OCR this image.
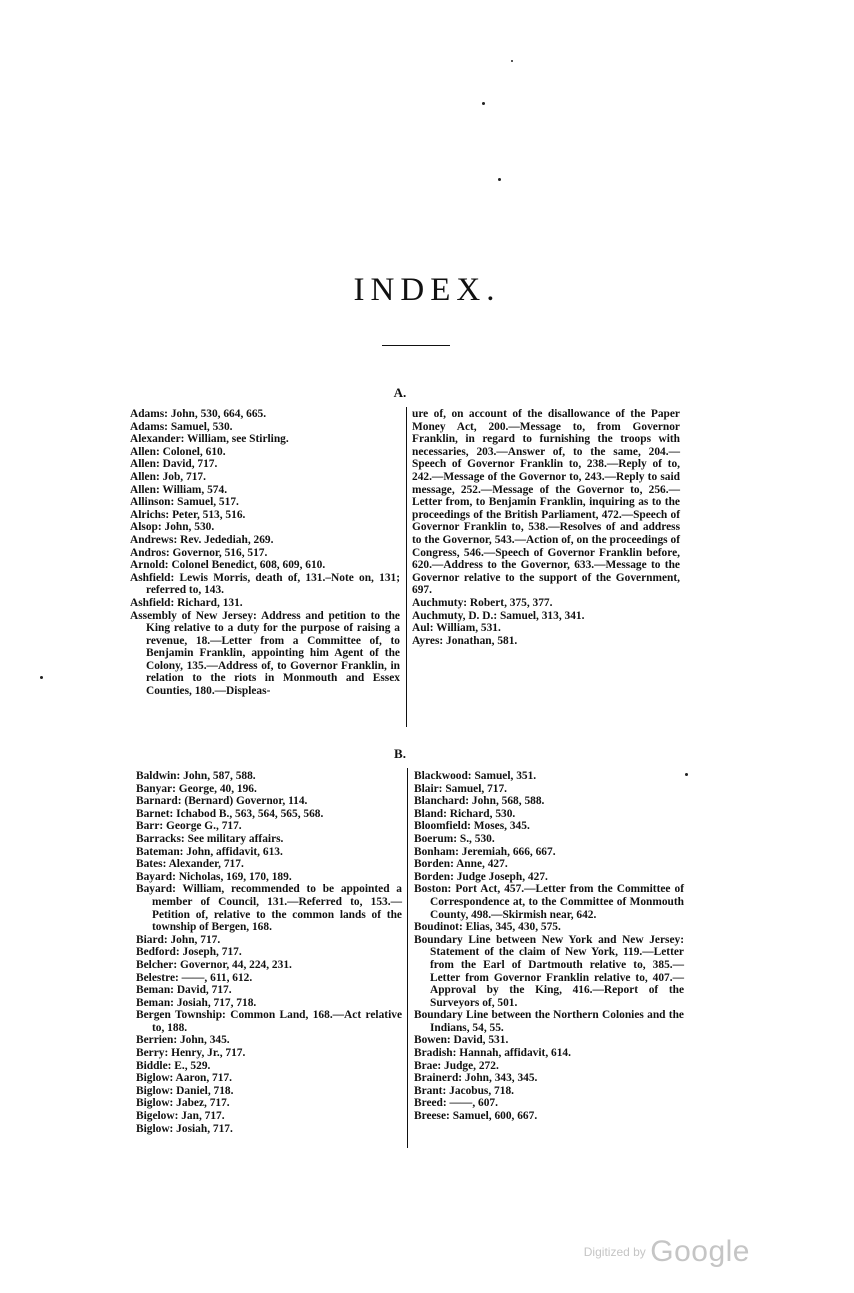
INDEX.
A.

Adams: John, 530, 664, 665.

Adams: Samuel, 530.

Alexander: William, see Stirling.

Allen: Colonel, 610.

Allen: David, 717.

Allen: Job, 717.

Allen: William, 574.

Allinson: Samuel, 517.

Alrichs: Peter, 513, 516.

Alsop: John, 530.

Andrews: Rev. Jedediah, 269.

Andros: Governor, 516, 517.

Arnold: Colonel Benedict, 608, 609, 610.

Ashfield: Lewis Morris, death of, 131.–Note on, 131; referred to, 143.

Ashfield: Richard, 131.

Assembly of New Jersey: Address and petition to the King relative to a duty for the purpose of raising a revenue, 18.—Letter from a Committee of, to Benjamin Franklin, appointing him Agent of the Colony, 135.—Address of, to Governor Franklin, in relation to the riots in Monmouth and Essex Counties, 180.—Displeas-

ure of, on account of the disallowance of the Paper Money Act, 200.—Message to, from Governor Franklin, in regard to furnishing the troops with necessaries, 203.—Answer of, to the same, 204.—Speech of Governor Franklin to, 238.—Reply of to, 242.—Message of the Governor to, 243.—Reply to said message, 252.—Message of the Governor to, 256.—Letter from, to Benjamin Franklin, inquiring as to the proceedings of the British Parliament, 472.—Speech of Governor Franklin to, 538.—Resolves of and address to the Governor, 543.—Action of, on the proceedings of Congress, 546.—Speech of Governor Franklin before, 620.—Address to the Governor, 633.—Message to the Governor relative to the support of the Government, 697.

Auchmuty: Robert, 375, 377.

Auchmuty, D. D.: Samuel, 313, 341.

Aul: William, 531.

Ayres: Jonathan, 581.

B.

Baldwin: John, 587, 588.

Banyar: George, 40, 196.

Barnard: (Bernard) Governor, 114.

Barnet: Ichabod B., 563, 564, 565, 568.

Barr: George G., 717.

Barracks: See military affairs.

Bateman: John, affidavit, 613.

Bates: Alexander, 717.

Bayard: Nicholas, 169, 170, 189.

Bayard: William, recommended to be appointed a member of Council, 131.—Referred to, 153.—Petition of, relative to the common lands of the township of Bergen, 168.

Biard: John, 717.

Bedford: Joseph, 717.

Belcher: Governor, 44, 224, 231.

Belestre: ——, 611, 612.

Beman: David, 717.

Beman: Josiah, 717, 718.

Bergen Township: Common Land, 168.—Act relative to, 188.

Berrien: John, 345.

Berry: Henry, Jr., 717.

Biddle: E., 529.

Biglow: Aaron, 717.

Biglow: Daniel, 718.

Biglow: Jabez, 717.

Bigelow: Jan, 717.

Biglow: Josiah, 717.

Blackwood: Samuel, 351.

Blair: Samuel, 717.

Blanchard: John, 568, 588.

Bland: Richard, 530.

Bloomfield: Moses, 345.

Boerum: S., 530.

Bonham: Jeremiah, 666, 667.

Borden: Anne, 427.

Borden: Judge Joseph, 427.

Boston: Port Act, 457.—Letter from the Committee of Correspondence at, to the Committee of Monmouth County, 498.—Skirmish near, 642.

Boudinot: Elias, 345, 430, 575.

Boundary Line between New York and New Jersey: Statement of the claim of New York, 119.—Letter from the Earl of Dartmouth relative to, 385.—Letter from Governor Franklin relative to, 407.—Approval by the King, 416.—Report of the Surveyors of, 501.

Boundary Line between the Northern Colonies and the Indians, 54, 55.

Bowen: David, 531.

Bradish: Hannah, affidavit, 614.

Brae: Judge, 272.

Brainerd: John, 343, 345.

Brant: Jacobus, 718.

Breed: ——, 607.

Breese: Samuel, 600, 667.

Digitized by Google
